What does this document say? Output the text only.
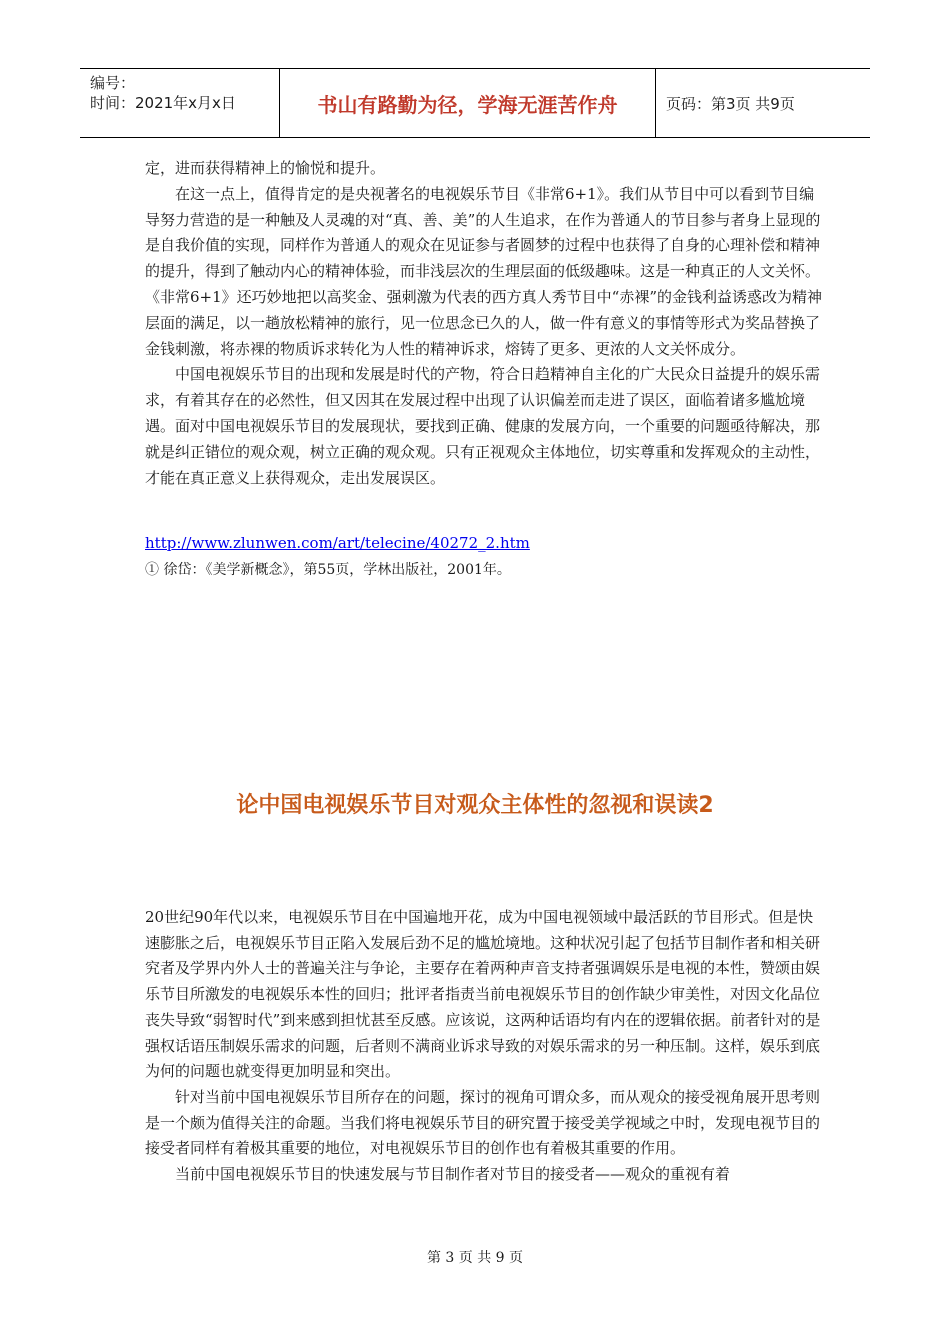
编号：
时间：2021年x月x日	书山有路勤为径，学海无涯苦作舟	页码：第3页 共9页

定，进而获得精神上的愉悦和提升。

在这一点上，值得肯定的是央视著名的电视娱乐节目《非常6+1》。我们从节目中可以看到节目编导努力营造的是一种触及人灵魂的对“真、善、美”的人生追求，在作为普通人的节目参与者身上显现的是自我价值的实现，同样作为普通人的观众在见证参与者圆梦的过程中也获得了自身的心理补偿和精神的提升，得到了触动内心的精神体验，而非浅层次的生理层面的低级趣味。这是一种真正的人文关怀。《非常6+1》还巧妙地把以高奖金、强刺激为代表的西方真人秀节目中“赤裸”的金钱利益诱惑改为精神层面的满足，以一趟放松精神的旅行，见一位思念已久的人，做一件有意义的事情等形式为奖品替换了金钱刺激，将赤裸的物质诉求转化为人性的精神诉求，熔铸了更多、更浓的人文关怀成分。

中国电视娱乐节目的出现和发展是时代的产物，符合日趋精神自主化的广大民众日益提升的娱乐需求，有着其存在的必然性，但又因其在发展过程中出现了认识偏差而走进了误区，面临着诸多尴尬境遇。面对中国电视娱乐节目的发展现状，要找到正确、健康的发展方向，一个重要的问题亟待解决，那就是纠正错位的观众观，树立正确的观众观。只有正视观众主体地位，切实尊重和发挥观众的主动性，才能在真正意义上获得观众，走出发展误区。

http://www.zlunwen.com/art/telecine/40272_2.htm
① 徐岱：《美学新概念》，第55页，学林出版社，2001年。
论中国电视娱乐节目对观众主体性的忽视和误读2

20世纪90年代以来，电视娱乐节目在中国遍地开花，成为中国电视领域中最活跃的节目形式。但是快速膨胀之后，电视娱乐节目正陷入发展后劲不足的尴尬境地。这种状况引起了包括节目制作者和相关研究者及学界内外人士的普遍关注与争论，主要存在着两种声音支持者强调娱乐是电视的本性，赞颂由娱乐节目所激发的电视娱乐本性的回归；批评者指责当前电视娱乐节目的创作缺少审美性，对因文化品位丧失导致“弱智时代”到来感到担忧甚至反感。应该说，这两种话语均有内在的逻辑依据。前者针对的是强权话语压制娱乐需求的问题，后者则不满商业诉求导致的对娱乐需求的另一种压制。这样，娱乐到底为何的问题也就变得更加明显和突出。

针对当前中国电视娱乐节目所存在的问题，探讨的视角可谓众多，而从观众的接受视角展开思考则是一个颇为值得关注的命题。当我们将电视娱乐节目的研究置于接受美学视域之中时，发现电视节目的接受者同样有着极其重要的地位，对电视娱乐节目的创作也有着极其重要的作用。

当前中国电视娱乐节目的快速发展与节目制作者对节目的接受者——观众的重视有着

第 3 页 共 9 页
